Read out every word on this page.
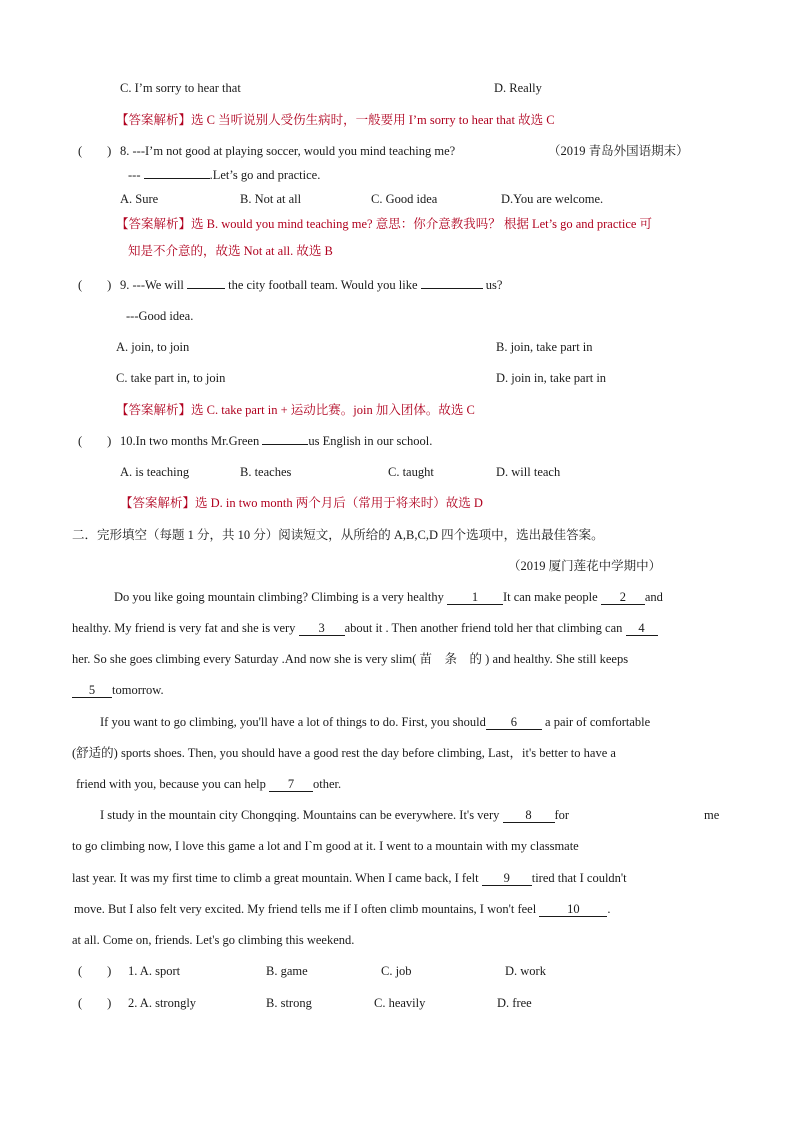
C. I’m sorry to hear that	D. Really
【答案解析】选 C 当听说别人受伤生病时，一般要用 I’m sorry to hear that 故选 C
(　　) 8. ---I’m not good at playing soccer, would you mind teaching me?	（2019 青岛外国语期末）
---	.Let’s go and practice.
A. Sure	B. Not at all	C. Good idea	D.You are welcome.
【答案解析】选 B. would you mind teaching me? 意思：你介意教我吗？ 根据 Let’s go and practice 可
知是不介意的，故选 Not at all. 故选 B
(　　) 9. ---We will	the city football team. Would you like	us?
---Good idea.
A. join, to join	B. join, take part in
C. take part in, to join	D. join in, take part in
【答案解析】选 C. take part in + 运动比赛。join 加入团体。故选 C
(　　) 10.In two months Mr.Green	us English in our school.
A. is teaching	B. teaches	C. taught	D. will teach
【答案解析】选 D. in two month 两个月后（常用于将来时）故选 D
二．完形填空（每题 1 分，共 10 分）阅读短文，从所给的 A,B,C,D 四个选项中，选出最佳答案。
（2019 厦门莲花中学期中）
Do you like going mountain climbing? Climbing is a very healthy 1 It can make people 2 and
healthy. My friend is very fat and she is very 3 about it . Then another friend told her that climbing can 4
her. So she goes climbing every Saturday .And now she is very slim( 苗　条　的 ) and healthy. She still keeps
5 tomorrow.
If you want to go climbing, you'll have a lot of things to do. First, you should 6 a pair of comfortable
(舒适的) sports shoes. Then, you should have a good rest the day before climbing, Last，it's better to have a
friend with you, because you can help 7 other.
I study in the mountain city Chongqing. Mountains can be everywhere. It's very 8 for	me
to go climbing now, I love this game a lot and I`m good at it. I went to a mountain with my classmate
last year. It was my first time to climb a great mountain. When I came back, I felt 9 tired that I couldn't
move. But I also felt very excited. My friend tells me if I often climb mountains, I won't feel 10 .
at all. Come on, friends. Let's go climbing this weekend.
(　　) 1. A. sport	B. game	C. job	D. work
(　　) 2. A. strongly	B. strong	C. heavily	D. free
